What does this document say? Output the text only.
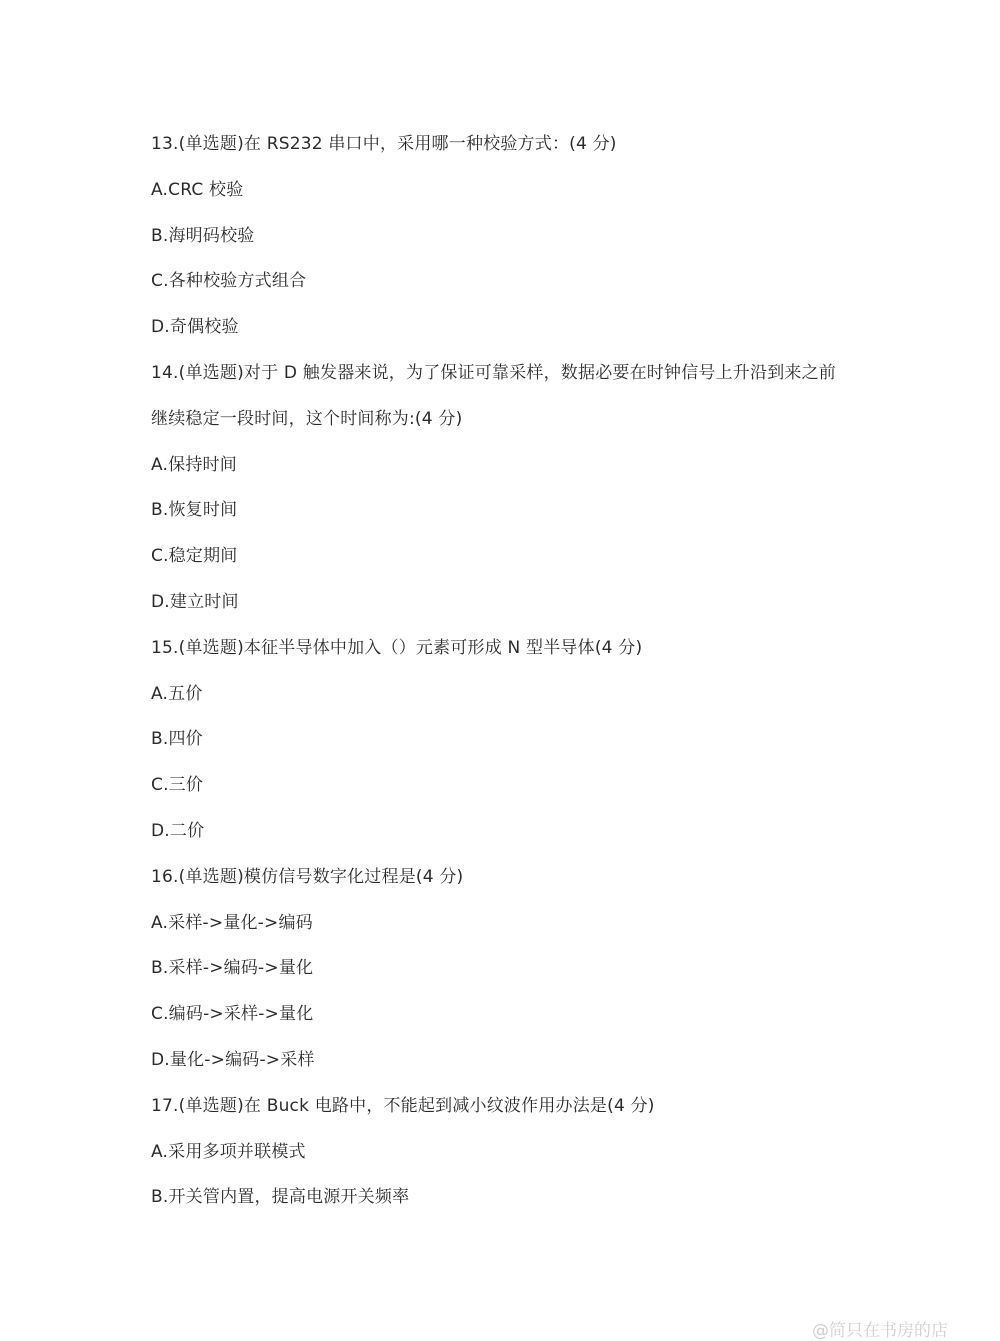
13.(单选题)在 RS232 串口中，采用哪一种校验方式：(4 分)
A.CRC 校验
B.海明码校验
C.各种校验方式组合
D.奇偶校验
14.(单选题)对于 D 触发器来说，为了保证可靠采样，数据必要在时钟信号上升沿到来之前
继续稳定一段时间，这个时间称为:(4 分)
A.保持时间
B.恢复时间
C.稳定期间
D.建立时间
15.(单选题)本征半导体中加入（）元素可形成 N 型半导体(4 分)
A.五价
B.四价
C.三价
D.二价
16.(单选题)模仿信号数字化过程是(4 分)
A.采样->量化->编码
B.采样->编码->量化
C.编码->采样->量化
D.量化->编码->采样
17.(单选题)在 Buck 电路中，不能起到减小纹波作用办法是(4 分)
A.采用多项并联模式
B.开关管内置，提高电源开关频率
@简只在书房的店
